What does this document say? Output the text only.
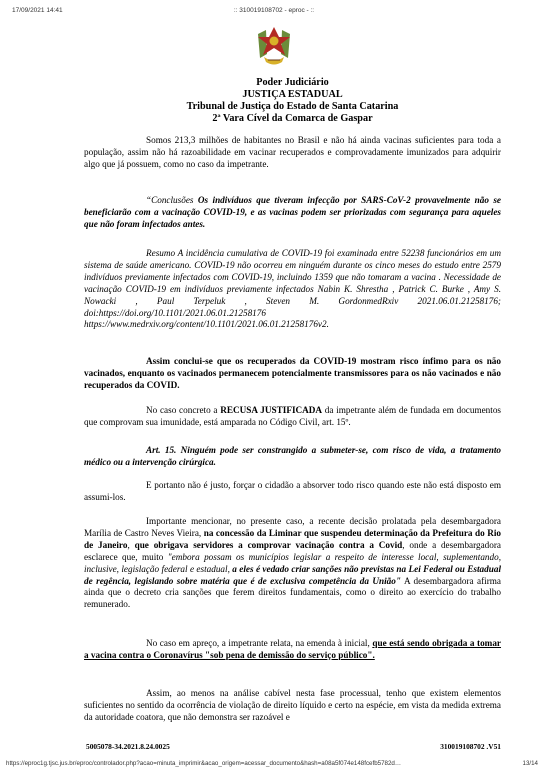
17/09/2021 14:41	:: 310019108702 - eproc - ::
Poder Judiciário
JUSTIÇA ESTADUAL
Tribunal de Justiça do Estado de Santa Catarina
2ª Vara Cível da Comarca de Gaspar

Somos 213,3 milhões de habitantes no Brasil e não há ainda vacinas suficientes para toda a população, assim não há razoabilidade em vacinar recuperados e comprovadamente imunizados para adquirir algo que já possuem, como no caso da impetrante.

“Conclusões Os indivíduos que tiveram infecção por SARS-CoV-2 provavelmente não se beneficiarão com a vacinação COVID-19, e as vacinas podem ser priorizadas com segurança para aqueles que não foram infectados antes.

Resumo A incidência cumulativa de COVID-19 foi examinada entre 52238 funcionários em um sistema de saúde americano. COVID-19 não ocorreu em ninguém durante os cinco meses do estudo entre 2579 indivíduos previamente infectados com COVID-19, incluindo 1359 que não tomaram a vacina . Necessidade de vacinação COVID-19 em indivíduos previamente infectados Nabin K. Shrestha , Patrick C. Burke , Amy S. Nowacki , Paul Terpeluk , Steven M. GordonmedRxiv 2021.06.01.21258176; doi:https://doi.org/10.1101/2021.06.01.21258176 https://www.medrxiv.org/content/10.1101/2021.06.01.21258176v2.

Assim conclui-se que os recuperados da COVID-19 mostram risco ínfimo para os não vacinados, enquanto os vacinados permanecem potencialmente transmissores para os não vacinados e não recuperados da COVID.

No caso concreto a RECUSA JUSTIFICADA da impetrante além de fundada em documentos que comprovam sua imunidade, está amparada no Código Civil, art. 15º.

Art. 15. Ninguém pode ser constrangido a submeter-se, com risco de vida, a tratamento médico ou a intervenção cirúrgica.

E portanto não é justo, forçar o cidadão a absorver todo risco quando este não está disposto em assumi-los.

Importante mencionar, no presente caso, a recente decisão prolatada pela desembargadora Marília de Castro Neves Vieira, na concessão da Liminar que suspendeu determinação da Prefeitura do Rio de Janeiro, que obrigava servidores a comprovar vacinação contra a Covid, onde a desembargadora esclarece que, muito "embora possam os municípios legislar a respeito de interesse local, suplementando, inclusive, legislação federal e estadual, a eles é vedado criar sanções não previstas na Lei Federal ou Estadual de regência, legislando sobre matéria que é de exclusiva competência da União" A desembargadora afirma ainda que o decreto cria sanções que ferem direitos fundamentais, como o direito ao exercício do trabalho remunerado.

No caso em apreço, a impetrante relata, na emenda à inicial, que está sendo obrigada a tomar a vacina contra o Coronavírus "sob pena de demissão do serviço público".

Assim, ao menos na análise cabível nesta fase processual, tenho que existem elementos suficientes no sentido da ocorrência de violação de direito líquido e certo na espécie, em vista da medida extrema da autoridade coatora, que não demonstra ser razoável e

5005078-34.2021.8.24.0025	310019108702 .V51
https://eproc1g.tjsc.jus.br/eproc/controlador.php?acao=minuta_imprimir&acao_origem=acessar_documento&hash=a08a5f074e148fcefb5782d…	13/14
